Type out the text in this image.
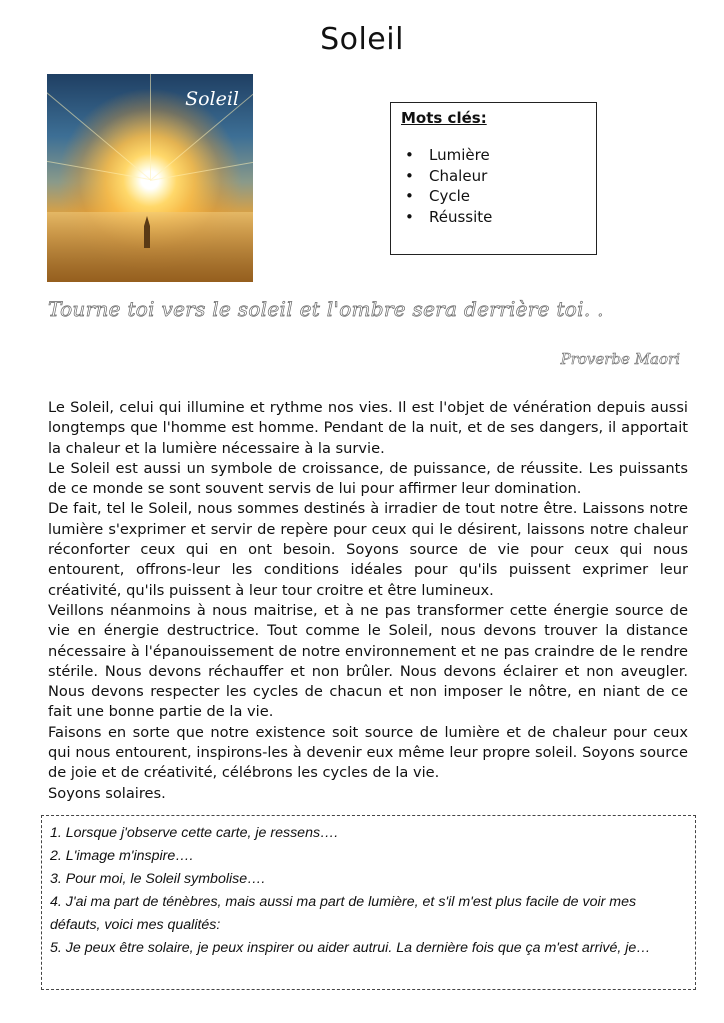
Soleil
Soleil
Mots clés:
• Lumière
• Chaleur
• Cycle
• Réussite

Tourne toi vers le soleil et l'ombre sera derrière toi. .

Proverbe Maori

Le Soleil, celui qui illumine et rythme nos vies. Il est l'objet de vénération depuis aussi longtemps que l'homme est homme. Pendant de la nuit, et de ses dangers, il apportait la chaleur et la lumière nécessaire à la survie.

Le Soleil est aussi un symbole de croissance, de puissance, de réussite. Les puissants de ce monde se sont souvent servis de lui pour affirmer leur domination.

De fait, tel le Soleil, nous sommes destinés à irradier de tout notre être. Laissons notre lumière s'exprimer et servir de repère pour ceux qui le désirent, laissons notre chaleur réconforter ceux qui en ont besoin. Soyons source de vie pour ceux qui nous entourent, offrons-leur les conditions idéales pour qu'ils puissent exprimer leur créativité, qu'ils puissent à leur tour croitre et être lumineux.

Veillons néanmoins à nous maitrise, et à ne pas transformer cette énergie source de vie en énergie destructrice. Tout comme le Soleil, nous devons trouver la distance nécessaire à l'épanouissement de notre environnement et ne pas craindre de le rendre stérile. Nous devons réchauffer et non brûler. Nous devons éclairer et non aveugler. Nous devons respecter les cycles de chacun et non imposer le nôtre, en niant de ce fait une bonne partie de la vie.

Faisons en sorte que notre existence soit source de lumière et de chaleur pour ceux qui nous entourent, inspirons-les à devenir eux même leur propre soleil. Soyons source de joie et de créativité, célébrons les cycles de la vie.

Soyons solaires.

1. Lorsque j'observe cette carte, je ressens….

2. L'image m'inspire….

3. Pour moi, le Soleil symbolise….

4. J'ai ma part de ténèbres, mais aussi ma part de lumière, et s'il m'est plus facile de voir mes défauts, voici mes qualités:

5. Je peux être solaire, je peux inspirer ou aider autrui. La dernière fois que ça m'est arrivé, je…
